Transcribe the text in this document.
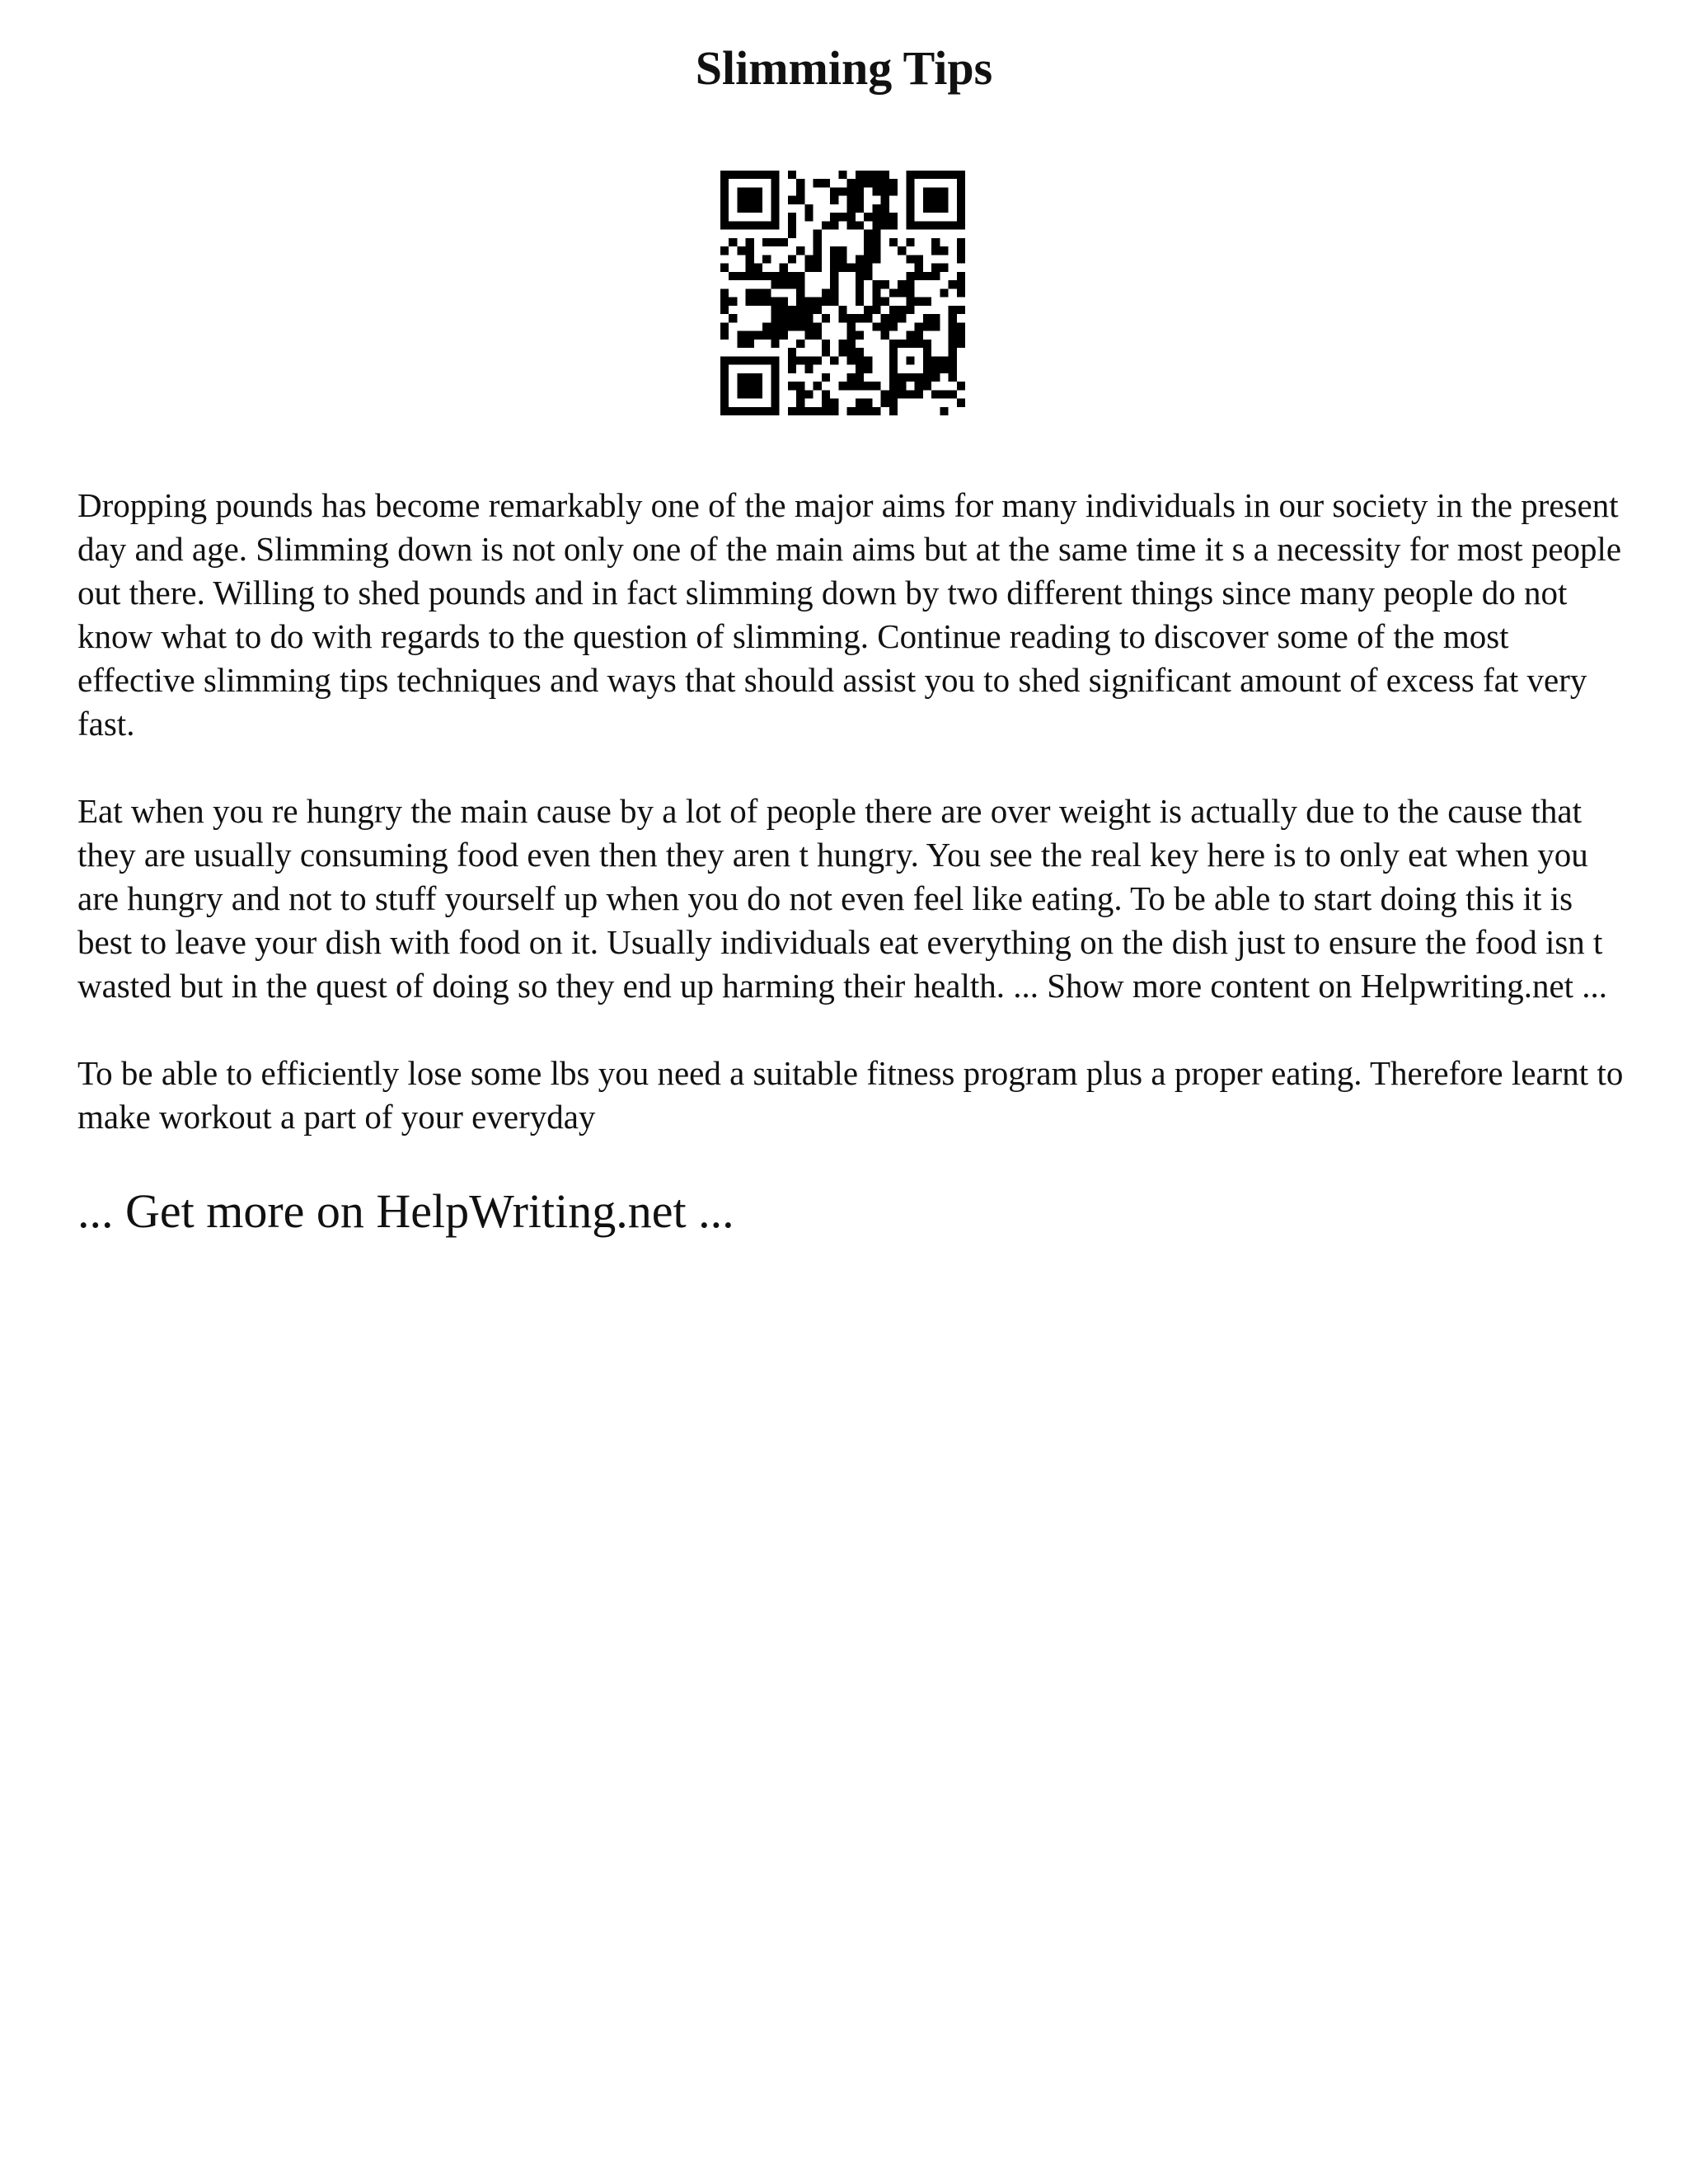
Slimming Tips

Dropping pounds has become remarkably one of the major aims for many individuals in our society in the present day and age. Slimming down is not only one of the main aims but at the same time it s a necessity for most people out there. Willing to shed pounds and in fact slimming down by two different things since many people do not know what to do with regards to the question of slimming. Continue reading to discover some of the most effective slimming tips techniques and ways that should assist you to shed significant amount of excess fat very fast.

Eat when you re hungry the main cause by a lot of people there are over weight is actually due to the cause that they are usually consuming food even then they aren t hungry. You see the real key here is to only eat when you are hungry and not to stuff yourself up when you do not even feel like eating. To be able to start doing this it is best to leave your dish with food on it. Usually individuals eat everything on the dish just to ensure the food isn t wasted but in the quest of doing so they end up harming their health. ... Show more content on Helpwriting.net ...

To be able to efficiently lose some lbs you need a suitable fitness program plus a proper eating. Therefore learnt to make workout a part of your everyday

... Get more on HelpWriting.net ...
